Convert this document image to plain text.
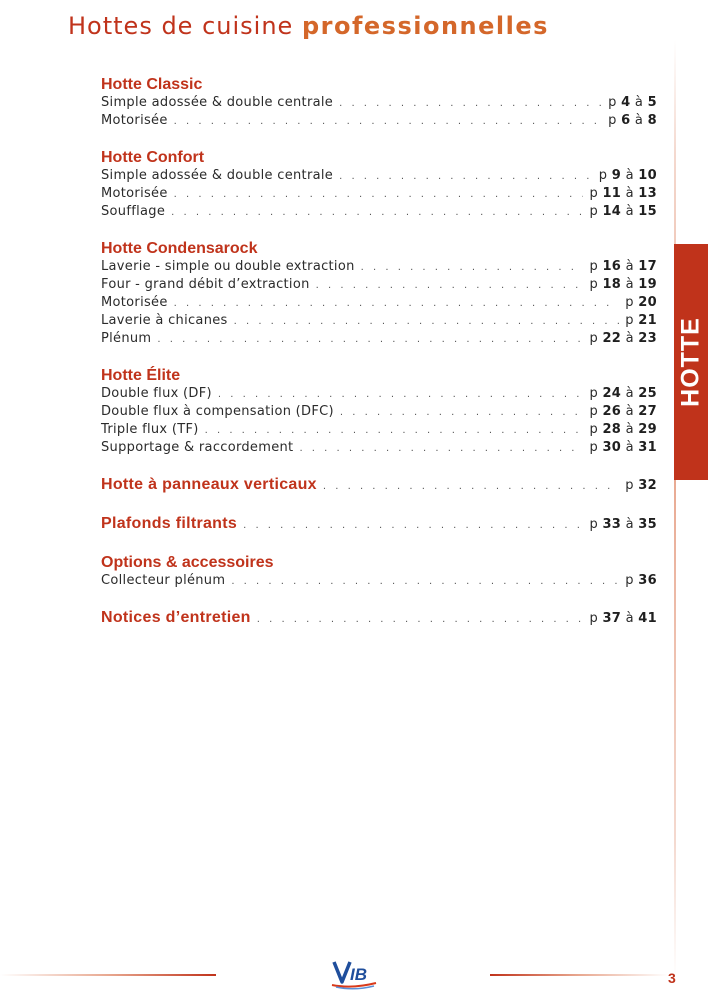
Hottes de cuisine professionnelles
HOTTE
Hotte Classic
Simple adossée & double centrale . . .	p 4 à 5
Motorisée . . .	p 6 à 8
Hotte Confort
Simple adossée & double centrale . . .	p 9 à 10
Motorisée . . .	p 11 à 13
Soufflage . . .	p 14 à 15
Hotte Condensarock
Laverie - simple ou double extraction . . .	p 16 à 17
Four - grand débit d’extraction . . .	p 18 à 19
Motorisée . . .	p 20
Laverie à chicanes . . .	p 21
Plénum . . .	p 22 à 23
Hotte Élite
Double flux (DF) . . .	p 24 à 25
Double flux à compensation (DFC) . . .	p 26 à 27
Triple flux (TF) . . .	p 28 à 29
Supportage & raccordement . . .	p 30 à 31
Hotte à panneaux verticaux . . .	p 32
Plafonds filtrants . . .	p 33 à 35
Options & accessoires
Collecteur plénum . . .	p 36
Notices d’entretien . . .	p 37 à 41
IB	3
